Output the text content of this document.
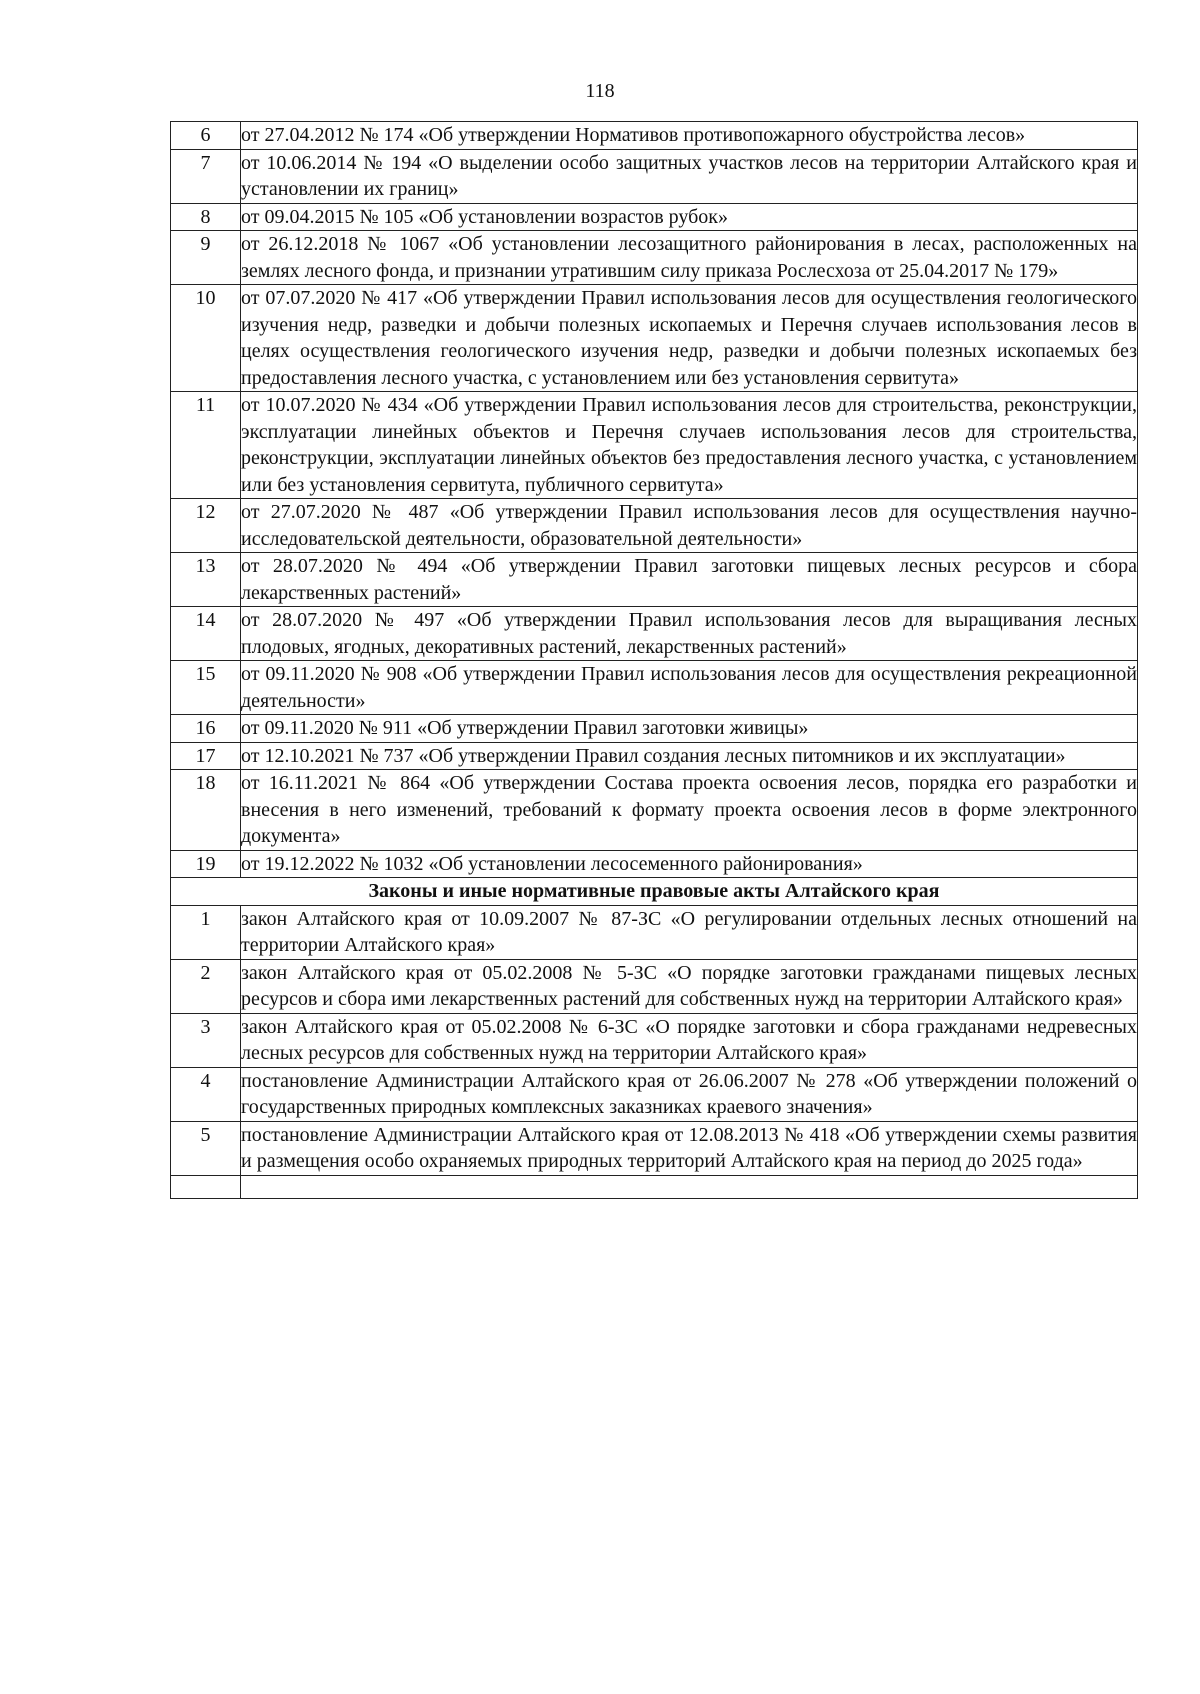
118
6	от 27.04.2012 № 174 «Об утверждении Нормативов противопожарного обустройства лесов»
7	от 10.06.2014 № 194 «О выделении особо защитных участков лесов на территории Алтайского края и установлении их границ»
8	от 09.04.2015 № 105 «Об установлении возрастов рубок»
9	от 26.12.2018 № 1067 «Об установлении лесозащитного районирования в лесах, расположенных на землях лесного фонда, и признании утратившим силу приказа Рослесхоза от 25.04.2017 № 179»
10	от 07.07.2020 № 417 «Об утверждении Правил использования лесов для осуществления геологического изучения недр, разведки и добычи полезных ископаемых и Перечня случаев использования лесов в целях осуществления геологического изучения недр, разведки и добычи полезных ископаемых без предоставления лесного участка, с установлением или без установления сервитута»
11	от 10.07.2020 № 434 «Об утверждении Правил использования лесов для строительства, реконструкции, эксплуатации линейных объектов и Перечня случаев использования лесов для строительства, реконструкции, эксплуатации линейных объектов без предоставления лесного участка, с установлением или без установления сервитута, публичного сервитута»
12	от 27.07.2020 № 487 «Об утверждении Правил использования лесов для осуществления научно-исследовательской деятельности, образовательной деятельности»
13	от 28.07.2020 № 494 «Об утверждении Правил заготовки пищевых лесных ресурсов и сбора лекарственных растений»
14	от 28.07.2020 № 497 «Об утверждении Правил использования лесов для выращивания лесных плодовых, ягодных, декоративных растений, лекарственных растений»
15	от 09.11.2020 № 908 «Об утверждении Правил использования лесов для осуществления рекреационной деятельности»
16	от 09.11.2020 № 911 «Об утверждении Правил заготовки живицы»
17	от 12.10.2021 № 737 «Об утверждении Правил создания лесных питомников и их эксплуатации»
18	от 16.11.2021 № 864 «Об утверждении Состава проекта освоения лесов, порядка его разработки и внесения в него изменений, требований к формату проекта освоения лесов в форме электронного документа»
19	от 19.12.2022 № 1032 «Об установлении лесосеменного районирования»
Законы и иные нормативные правовые акты Алтайского края	
1	закон Алтайского края от 10.09.2007 № 87-ЗС «О регулировании отдельных лесных отношений на территории Алтайского края»
2	закон Алтайского края от 05.02.2008 № 5-ЗС «О порядке заготовки гражданами пищевых лесных ресурсов и сбора ими лекарственных растений для собственных нужд на территории Алтайского края»
3	закон Алтайского края от 05.02.2008 № 6-ЗС «О порядке заготовки и сбора гражданами недревесных лесных ресурсов для собственных нужд на территории Алтайского края»
4	постановление Администрации Алтайского края от 26.06.2007 № 278 «Об утверждении положений о государственных природных комплексных заказниках краевого значения»
5	постановление Администрации Алтайского края от 12.08.2013 № 418 «Об утверждении схемы развития и размещения особо охраняемых природных территорий Алтайского края на период до 2025 года»
